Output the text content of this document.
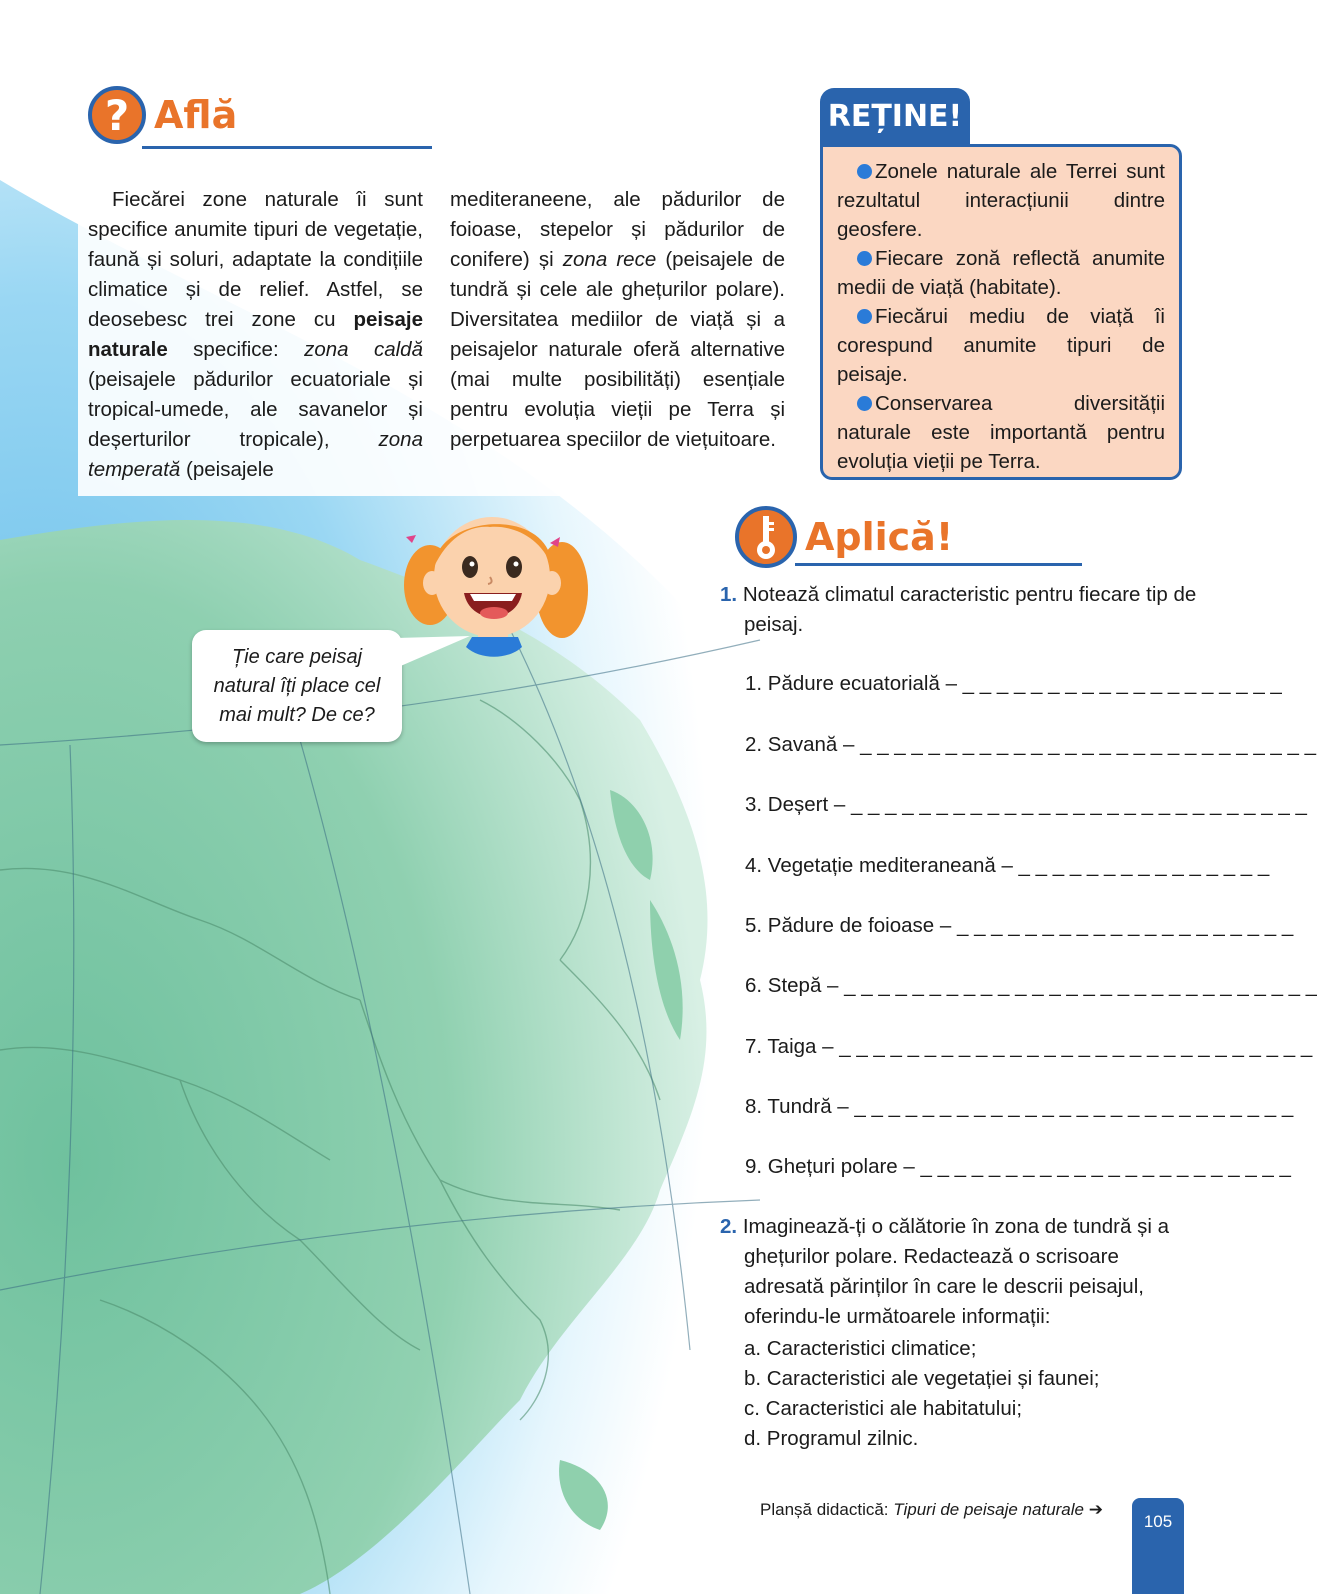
Ție care peisaj natural îți place cel mai mult? De ce?
? Află
Fiecărei zone naturale îi sunt specifice anumite tipuri de vegetație, faună și soluri, adaptate la condițiile climatice și de relief. Astfel, se deosebesc trei zone cu peisaje naturale specifice: zona caldă (peisajele pădurilor ecuatoriale și tropical-umede, ale savanelor și deșerturilor tropicale), zona temperată (peisajele
mediteraneene, ale pădurilor de foioase, stepelor și pădurilor de conifere) și zona rece (peisajele de tundră și cele ale ghețurilor polare). Diversitatea mediilor de viață și a peisajelor naturale oferă alternative (mai multe posibilități) esențiale pentru evoluția vieții pe Terra și perpetuarea speciilor de viețuitoare.
REȚINE!

Zonele naturale ale Terrei sunt rezultatul interacțiunii dintre geosfere.

Fiecare zonă reflectă anumite medii de viață (habitate).

Fiecărui mediu de viață îi corespund anumite tipuri de peisaje.

Conservarea diversității naturale este importantă pentru evoluția vieții pe Terra.

Aplică!
1. Notează climatul caracteristic pentru fiecare tip de peisaj.
1. Pădure ecuatorială – _ _ _ _ _ _ _ _ _ _ _ _ _ _ _ _ _ _ _
2. Savană – _ _ _ _ _ _ _ _ _ _ _ _ _ _ _ _ _ _ _ _ _ _ _ _ _ _ _
3. Deșert – _ _ _ _ _ _ _ _ _ _ _ _ _ _ _ _ _ _ _ _ _ _ _ _ _ _ _
4. Vegetație mediteraneană – _ _ _ _ _ _ _ _ _ _ _ _ _ _ _
5. Pădure de foioase – _ _ _ _ _ _ _ _ _ _ _ _ _ _ _ _ _ _ _ _
6. Stepă – _ _ _ _ _ _ _ _ _ _ _ _ _ _ _ _ _ _ _ _ _ _ _ _ _ _ _ _
7. Taiga – _ _ _ _ _ _ _ _ _ _ _ _ _ _ _ _ _ _ _ _ _ _ _ _ _ _ _ _
8. Tundră – _ _ _ _ _ _ _ _ _ _ _ _ _ _ _ _ _ _ _ _ _ _ _ _ _ _
9. Ghețuri polare – _ _ _ _ _ _ _ _ _ _ _ _ _ _ _ _ _ _ _ _ _ _
2. Imaginează-ți o călătorie în zona de tundră și a ghețurilor polare. Redactează o scrisoare adresată părinților în care le descrii peisajul, oferindu-le următoarele informații:
a. Caracteristici climatice;
b. Caracteristici ale vegetației și faunei;
c. Caracteristici ale habitatului;
d. Programul zilnic.
Planșă didactică: Tipuri de peisaje naturale ➔
105
